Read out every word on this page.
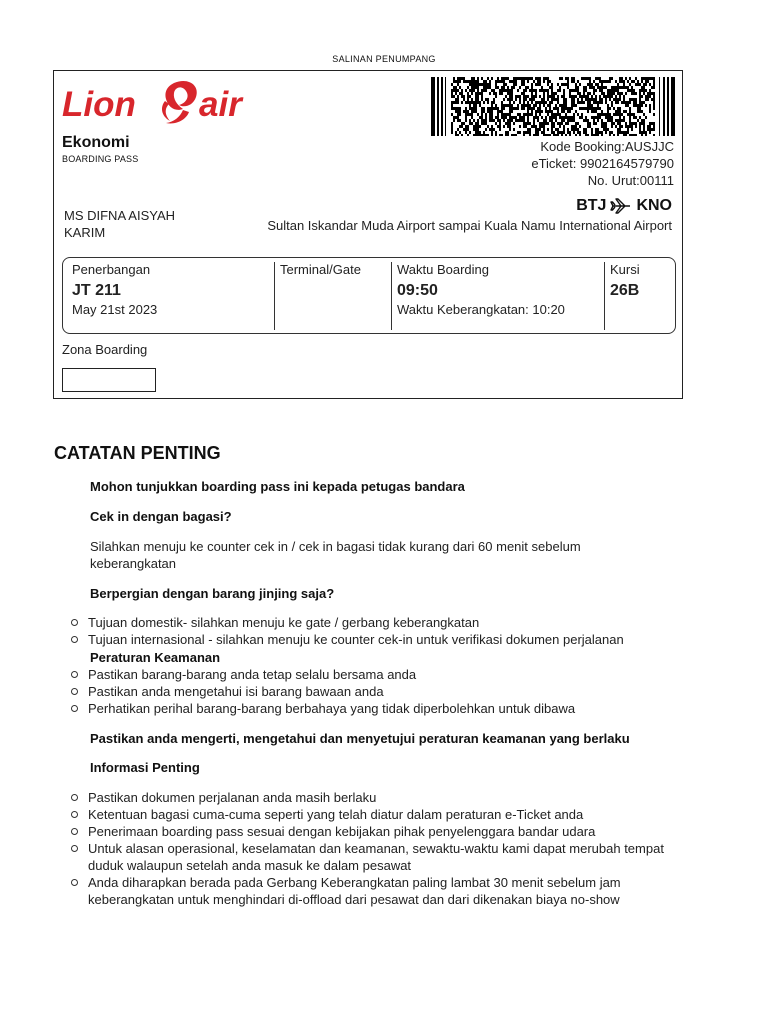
SALINAN PENUMPANG
Lion air
Ekonomi
BOARDING PASS
Kode Booking:AUSJJC
eTicket: 9902164579790
No. Urut:00111
MS DIFNA AISYAH KARIM
BTJ KNO
Sultan Iskandar Muda Airport sampai Kuala Namu International Airport
Penerbangan
JT 211
May 21st 2023
Terminal/Gate	Waktu Boarding
09:50
Waktu Keberangkatan: 10:20
Kursi
26B
Zona Boarding
CATATAN PENTING
Mohon tunjukkan boarding pass ini kepada petugas bandara
Cek in dengan bagasi?
Silahkan menuju ke counter cek in / cek in bagasi tidak kurang dari 60 menit sebelum keberangkatan
Berpergian dengan barang jinjing saja?
Tujuan domestik- silahkan menuju ke gate / gerbang keberangkatan
Tujuan internasional - silahkan menuju ke counter cek-in untuk verifikasi dokumen perjalanan
Peraturan Keamanan
Pastikan barang-barang anda tetap selalu bersama anda
Pastikan anda mengetahui isi barang bawaan anda
Perhatikan perihal barang-barang berbahaya yang tidak diperbolehkan untuk dibawa
Pastikan anda mengerti, mengetahui dan menyetujui peraturan keamanan yang berlaku
Informasi Penting
Pastikan dokumen perjalanan anda masih berlaku
Ketentuan bagasi cuma-cuma seperti yang telah diatur dalam peraturan e-Ticket anda
Penerimaan boarding pass sesuai dengan kebijakan pihak penyelenggara bandar udara
Untuk alasan operasional, keselamatan dan keamanan, sewaktu-waktu kami dapat merubah tempat duduk walaupun setelah anda masuk ke dalam pesawat
Anda diharapkan berada pada Gerbang Keberangkatan paling lambat 30 menit sebelum jam keberangkatan untuk menghindari di-offload dari pesawat dan dari dikenakan biaya no-show
